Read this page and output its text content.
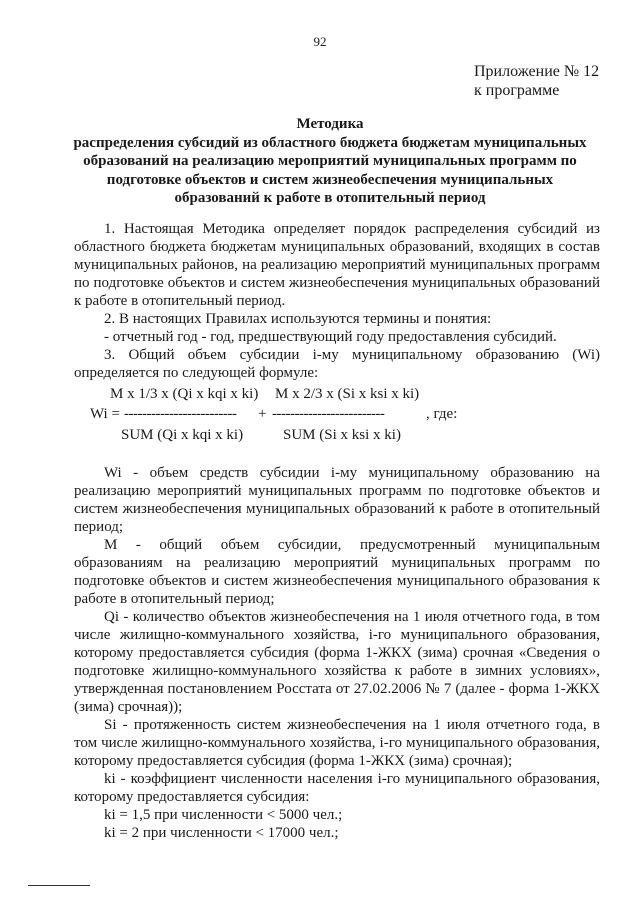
92
Приложение № 12
к программе
Методика
распределения субсидий из областного бюджета бюджетам муниципальных
образований на реализацию мероприятий муниципальных программ по
подготовке объектов и систем жизнеобеспечения муниципальных
образований к работе в отопительный период

1. Настоящая Методика определяет порядок распределения субсидий из областного бюджета бюджетам муниципальных образований, входящих в состав муниципальных районов, на реализацию мероприятий муниципальных программ по подготовке объектов и систем жизнеобеспечения муниципальных образований к работе в отопительный период.

2. В настоящих Правилах используются термины и понятия:

- отчетный год - год, предшествующий году предоставления субсидий.

3. Общий объем субсидии i-му муниципальному образованию (Wi) определяется по следующей формуле:

M x 1/3 x (Qi x kqi x ki) M x 2/3 x (Si x ksi x ki)
Wi = ------------------------- + -------------------------	, где:
SUM (Qi x kqi x ki)	SUM (Si x ksi x ki)

Wi - объем средств субсидии i-му муниципальному образованию на реализацию мероприятий муниципальных программ по подготовке объектов и систем жизнеобеспечения муниципальных образований к работе в отопительный период;

M - общий объем субсидии, предусмотренный муниципальным образованиям на реализацию мероприятий муниципальных программ по подготовке объектов и систем жизнеобеспечения муниципального образования к работе в отопительный период;

Qi - количество объектов жизнеобеспечения на 1 июля отчетного года, в том числе жилищно-коммунального хозяйства, i-го муниципального образования, которому предоставляется субсидия (форма 1-ЖКХ (зима) срочная «Сведения о подготовке жилищно-коммунального хозяйства к работе в зимних условиях», утвержденная постановлением Росстата от 27.02.2006 № 7 (далее - форма 1-ЖКХ (зима) срочная));

Si - протяженность систем жизнеобеспечения на 1 июля отчетного года, в том числе жилищно-коммунального хозяйства, i-го муниципального образования, которому предоставляется субсидия (форма 1-ЖКХ (зима) срочная);

ki - коэффициент численности населения i-го муниципального образования, которому предоставляется субсидия:

ki = 1,5 при численности < 5000 чел.;

ki = 2 при численности < 17000 чел.;
